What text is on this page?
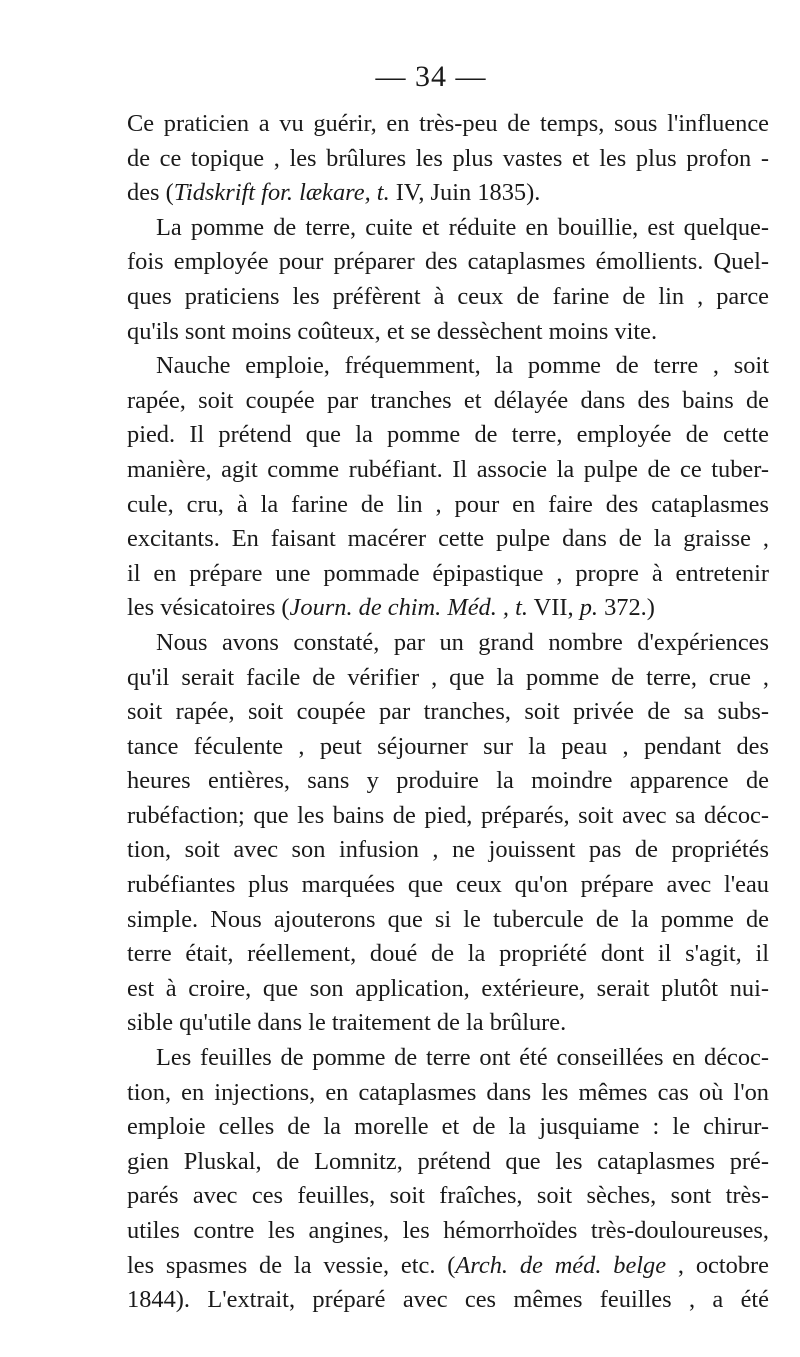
— 34 —
Ce praticien a vu guérir, en très-peu de temps, sous l'influence
de ce topique , les brûlures les plus vastes et les plus profon -
des (Tidskrift for. lækare, t. IV, Juin 1835).
La pomme de terre, cuite et réduite en bouillie, est quelque-
fois employée pour préparer des cataplasmes émollients. Quel-
ques praticiens les préfèrent à ceux de farine de lin , parce
qu'ils sont moins coûteux, et se dessèchent moins vite.
Nauche emploie, fréquemment, la pomme de terre , soit
rapée, soit coupée par tranches et délayée dans des bains de
pied. Il prétend que la pomme de terre, employée de cette
manière, agit comme rubéfiant. Il associe la pulpe de ce tuber-
cule, cru, à la farine de lin , pour en faire des cataplasmes
excitants. En faisant macérer cette pulpe dans de la graisse ,
il en prépare une pommade épipastique , propre à entretenir
les vésicatoires (Journ. de chim. Méd. , t. VII, p. 372.)
Nous avons constaté, par un grand nombre d'expériences
qu'il serait facile de vérifier , que la pomme de terre, crue ,
soit rapée, soit coupée par tranches, soit privée de sa subs-
tance féculente , peut séjourner sur la peau , pendant des
heures entières, sans y produire la moindre apparence de
rubéfaction; que les bains de pied, préparés, soit avec sa décoc-
tion, soit avec son infusion , ne jouissent pas de propriétés
rubéfiantes plus marquées que ceux qu'on prépare avec l'eau
simple. Nous ajouterons que si le tubercule de la pomme de
terre était, réellement, doué de la propriété dont il s'agit, il
est à croire, que son application, extérieure, serait plutôt nui-
sible qu'utile dans le traitement de la brûlure.
Les feuilles de pomme de terre ont été conseillées en décoc-
tion, en injections, en cataplasmes dans les mêmes cas où l'on
emploie celles de la morelle et de la jusquiame : le chirur-
gien Pluskal, de Lomnitz, prétend que les cataplasmes pré-
parés avec ces feuilles, soit fraîches, soit sèches, sont très-
utiles contre les angines, les hémorrhoïdes très-douloureuses,
les spasmes de la vessie, etc. (Arch. de méd. belge , octobre
1844). L'extrait, préparé avec ces mêmes feuilles , a été
